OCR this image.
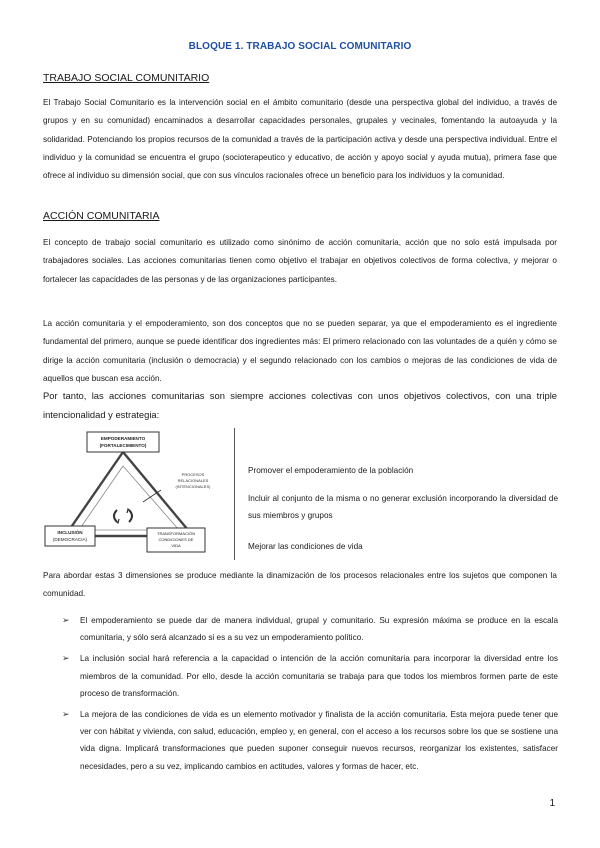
BLOQUE 1. TRABAJO SOCIAL COMUNITARIO
TRABAJO SOCIAL COMUNITARIO

El Trabajo Social Comunitario es la intervención social en el ámbito comunitario (desde una perspectiva global del individuo, a través de grupos y en su comunidad) encaminados a desarrollar capacidades personales, grupales y vecinales, fomentando la autoayuda y la solidaridad. Potenciando los propios recursos de la comunidad a través de la participación activa y desde una perspectiva individual. Entre el individuo y la comunidad se encuentra el grupo (socioterapeutico y educativo, de acción y apoyo social y ayuda mutua), primera fase que ofrece al individuo su dimensión social, que con sus vínculos racionales ofrece un beneficio para los individuos y la comunidad.

ACCIÓN COMUNITARIA

El concepto de trabajo social comunitario es utilizado como sinónimo de acción comunitaria, acción que no solo está impulsada por trabajadores sociales. Las acciones comunitarias tienen como objetivo el trabajar en objetivos colectivos de forma colectiva, y mejorar o fortalecer las capacidades de las personas y de las organizaciones participantes.

La acción comunitaria y el empoderamiento, son dos conceptos que no se pueden separar, ya que el empoderamiento es el ingrediente fundamental del primero, aunque se puede identificar dos ingredientes más: El primero relacionado con las voluntades de a quién y cómo se dirige la acción comunitaria (inclusión o democracia) y el segundo relacionado con los cambios o mejoras de las condiciones de vida de aquellos que buscan esa acción.

Por tanto, las acciones comunitarias son siempre acciones colectivas con unos objetivos colectivos, con una triple intencionalidad y estrategia:

EMPODERAMIENTO
(FORTALECIMIENTO)
INCLUSIÓN
(DEMOCRACIA)
TRANSFORMACIÓN
CONDICIONES DE
VIDA
PROCESOS
RELACIONALES
(INTENCIONALES)

Promover el empoderamiento de la población

Incluir al conjunto de la misma o no generar exclusión incorporando la diversidad de sus miembros y grupos

Mejorar las condiciones de vida

Para abordar estas 3 dimensiones se produce mediante la dinamización de los procesos relacionales entre los sujetos que componen la comunidad.

➢ El empoderamiento se puede dar de manera individual, grupal y comunitario. Su expresión máxima se produce en la escala comunitaria, y sólo será alcanzado si es a su vez un empoderamiento político.
➢ La inclusión social hará referencia a la capacidad o intención de la acción comunitaria para incorporar la diversidad entre los miembros de la comunidad. Por ello, desde la acción comunitaria se trabaja para que todos los miembros formen parte de este proceso de transformación.
➢ La mejora de las condiciones de vida es un elemento motivador y finalista de la acción comunitaria. Esta mejora puede tener que ver con hábitat y vivienda, con salud, educación, empleo y, en general, con el acceso a los recursos sobre los que se sostiene una vida digna. Implicará transformaciones que pueden suponer conseguir nuevos recursos, reorganizar los existentes, satisfacer necesidades, pero a su vez, implicando cambios en actitudes, valores y formas de hacer, etc.
1
